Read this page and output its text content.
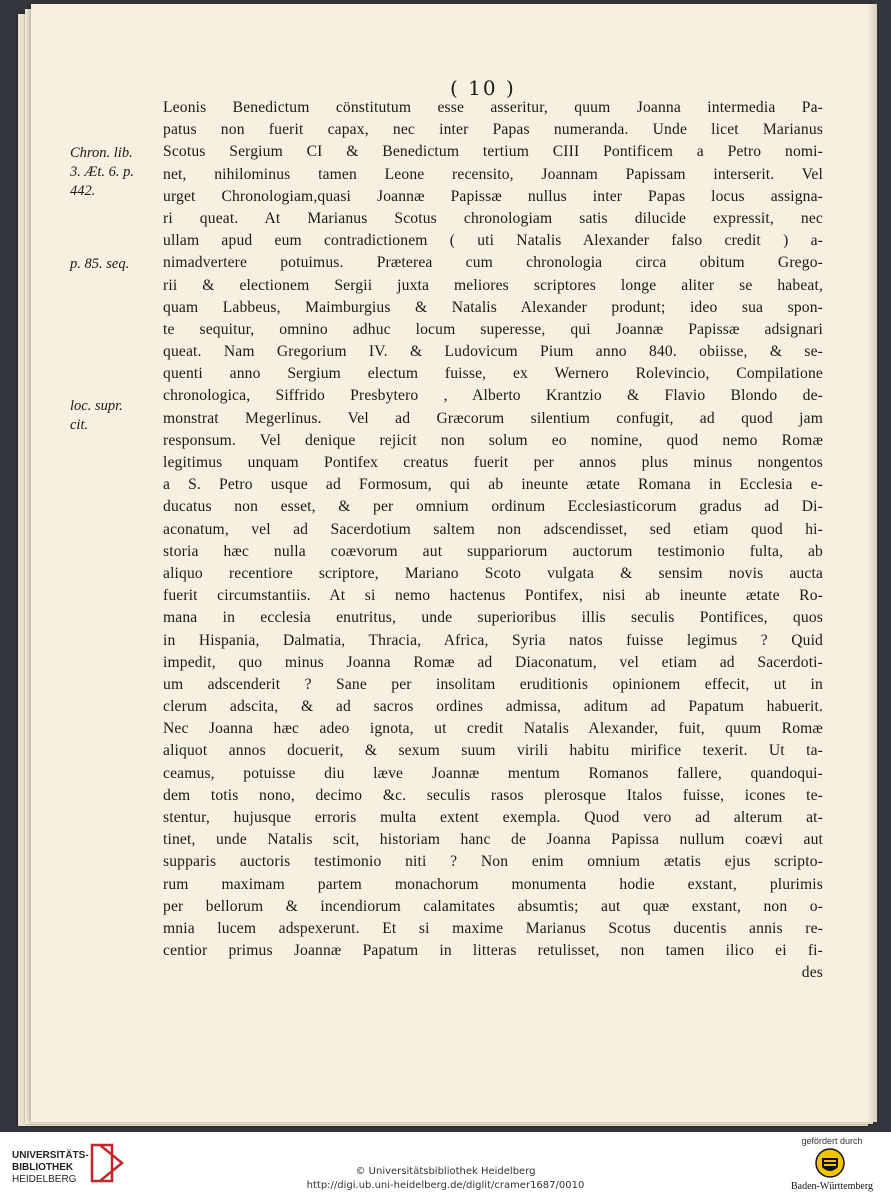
( 10 )
Chron. lib.
3. Æt. 6. p.
442.
p. 85. seq.
loc. supr.
cit.
Leonis Benedictum cönstitutum esse asseritur, quum Joanna intermedia Pa-
patus non fuerit capax, nec inter Papas numeranda. Unde licet Marianus
Scotus Sergium CI & Benedictum tertium CIII Pontificem a Petro nomi-
net, nihilominus tamen Leone recensito, Joannam Papissam interserit. Vel
urget Chronologiam,quasi Joannæ Papissæ nullus inter Papas locus assigna-
ri queat. At Marianus Scotus chronologiam satis dilucide expressit, nec
ullam apud eum contradictionem ( uti Natalis Alexander falso credit ) a-
nimadvertere potuimus. Præterea cum chronologia circa obitum Grego-
rii & electionem Sergii juxta meliores scriptores longe aliter se habeat,
quam Labbeus, Maimburgius & Natalis Alexander produnt; ideo sua spon-
te sequitur, omnino adhuc locum superesse, qui Joannæ Papissæ adsignari
queat. Nam Gregorium IV. & Ludovicum Pium anno 840. obiisse, & se-
quenti anno Sergium electum fuisse, ex Wernero Rolevincio, Compilatione
chronologica, Siffrido Presbytero , Alberto Krantzio & Flavio Blondo de-
monstrat Megerlinus. Vel ad Græcorum silentium confugit, ad quod jam
responsum. Vel denique rejicit non solum eo nomine, quod nemo Romæ
legitimus unquam Pontifex creatus fuerit per annos plus minus nongentos
a S. Petro usque ad Formosum, qui ab ineunte ætate Romana in Ecclesia e-
ducatus non esset, & per omnium ordinum Ecclesiasticorum gradus ad Di-
aconatum, vel ad Sacerdotium saltem non adscendisset, sed etiam quod hi-
storia hæc nulla coævorum aut suppariorum auctorum testimonio fulta, ab
aliquo recentiore scriptore, Mariano Scoto vulgata & sensim novis aucta
fuerit circumstantiis. At si nemo hactenus Pontifex, nisi ab ineunte ætate Ro-
mana in ecclesia enutritus, unde superioribus illis seculis Pontifices, quos
in Hispania, Dalmatia, Thracia, Africa, Syria natos fuisse legimus ? Quid
impedit, quo minus Joanna Romæ ad Diaconatum, vel etiam ad Sacerdoti-
um adscenderit ? Sane per insolitam eruditionis opinionem effecit, ut in
clerum adscita, & ad sacros ordines admissa, aditum ad Papatum habuerit.
Nec Joanna hæc adeo ignota, ut credit Natalis Alexander, fuit, quum Romæ
aliquot annos docuerit, & sexum suum virili habitu mirifice texerit. Ut ta-
ceamus, potuisse diu læve Joannæ mentum Romanos fallere, quandoqui-
dem totis nono, decimo &c. seculis rasos plerosque Italos fuisse, icones te-
stentur, hujusque erroris multa extent exempla. Quod vero ad alterum at-
tinet, unde Natalis scit, historiam hanc de Joanna Papissa nullum coævi aut
supparis auctoris testimonio niti ? Non enim omnium ætatis ejus scripto-
rum maximam partem monachorum monumenta hodie exstant, plurimis
per bellorum & incendiorum calamitates absumtis; aut quæ exstant, non o-
mnia lucem adspexerunt. Et si maxime Marianus Scotus ducentis annis re-
centior primus Joannæ Papatum in litteras retulisset, non tamen ilico ei fi-
des
UNIVERSITÄTS-
BIBLIOTHEK
HEIDELBERG
© Universitätsbibliothek Heidelberg
http://digi.ub.uni-heidelberg.de/diglit/cramer1687/0010
gefördert durch
Baden-Württemberg
